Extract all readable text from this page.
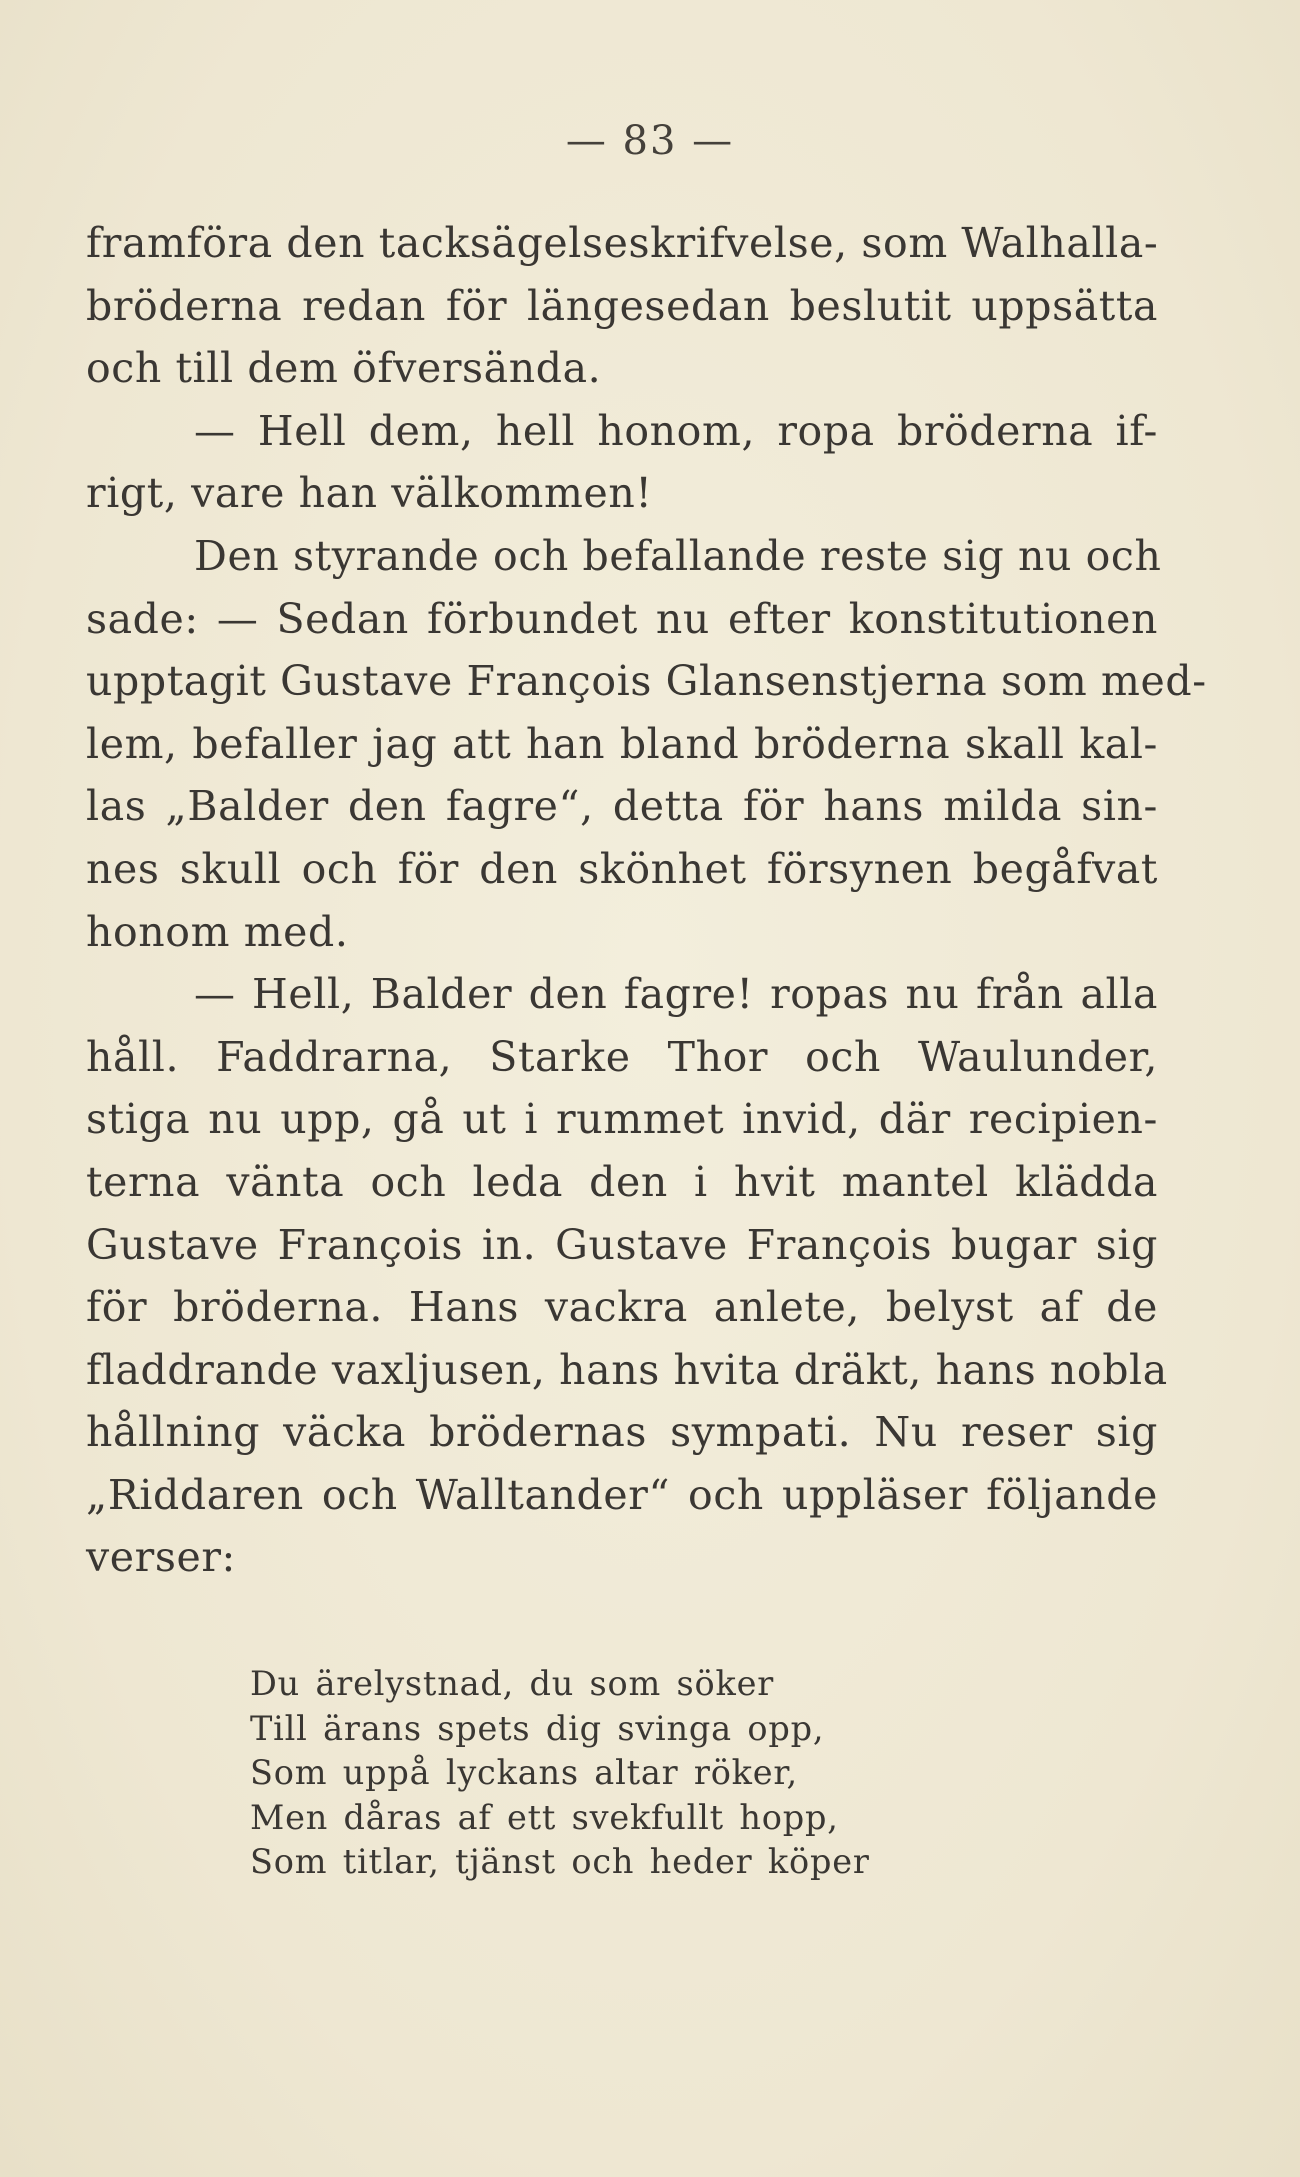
— 83 —
framföra den tacksägelseskrifvelse, som Walhalla-
bröderna redan för längesedan beslutit uppsätta
och till dem öfversända.
— Hell dem, hell honom, ropa bröderna if-
rigt, vare han välkommen!
Den styrande och befallande reste sig nu och
sade: — Sedan förbundet nu efter konstitutionen
upptagit Gustave François Glansenstjerna som med-
lem, befaller jag att han bland bröderna skall kal-
las „Balder den fagre“, detta för hans milda sin-
nes skull och för den skönhet försynen begåfvat
honom med.
— Hell, Balder den fagre! ropas nu från alla
håll. Faddrarna, Starke Thor och Waulunder,
stiga nu upp, gå ut i rummet invid, där recipien-
terna vänta och leda den i hvit mantel klädda
Gustave François in. Gustave François bugar sig
för bröderna. Hans vackra anlete, belyst af de
fladdrande vaxljusen, hans hvita dräkt, hans nobla
hållning väcka brödernas sympati. Nu reser sig
„Riddaren och Walltander“ och uppläser följande
verser:
Du ärelystnad, du som söker
Till ärans spets dig svinga opp,
Som uppå lyckans altar röker,
Men dåras af ett svekfullt hopp,
Som titlar, tjänst och heder köper
